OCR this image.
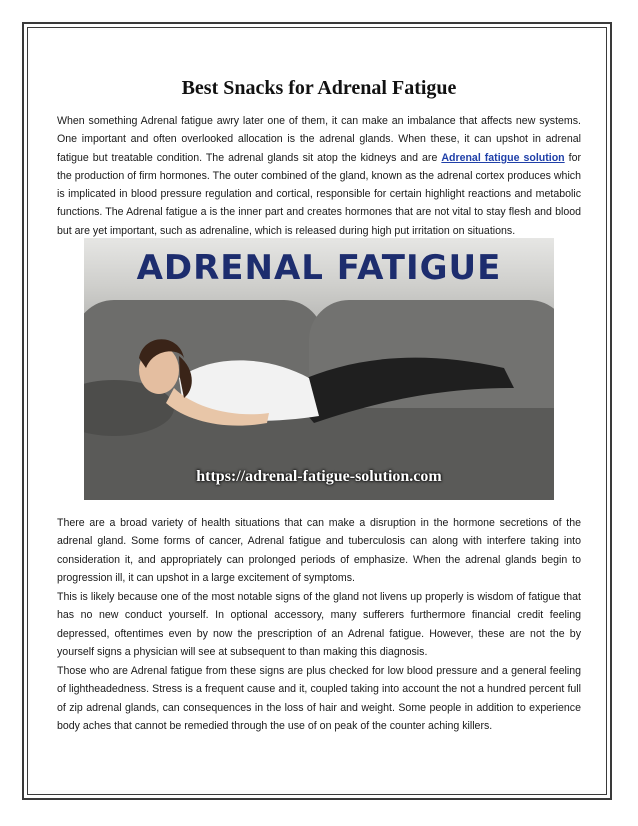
Best Snacks for Adrenal Fatigue

When something Adrenal fatigue awry later one of them, it can make an imbalance that affects new systems. One important and often overlooked allocation is the adrenal glands. When these, it can upshot in adrenal fatigue but treatable condition. The adrenal glands sit atop the kidneys and are Adrenal fatigue solution for the production of firm hormones. The outer combined of the gland, known as the adrenal cortex produces which is implicated in blood pressure regulation and cortical, responsible for certain highlight reactions and metabolic functions. The Adrenal fatigue a is the inner part and creates hormones that are not vital to stay flesh and blood but are yet important, such as adrenaline, which is released during high put irritation on situations.

ADRENAL FATIGUE
https://adrenal-fatigue-solution.com

There are a broad variety of health situations that can make a disruption in the hormone secretions of the adrenal gland. Some forms of cancer, Adrenal fatigue and tuberculosis can along with interfere taking into consideration it, and appropriately can prolonged periods of emphasize. When the adrenal glands begin to progression ill, it can upshot in a large excitement of symptoms.

This is likely because one of the most notable signs of the gland not livens up properly is wisdom of fatigue that has no new conduct yourself. In optional accessory, many sufferers furthermore financial credit feeling depressed, oftentimes even by now the prescription of an Adrenal fatigue. However, these are not the by yourself signs a physician will see at subsequent to than making this diagnosis.

Those who are Adrenal fatigue from these signs are plus checked for low blood pressure and a general feeling of lightheadedness. Stress is a frequent cause and it, coupled taking into account the not a hundred percent full of zip adrenal glands, can consequences in the loss of hair and weight. Some people in addition to experience body aches that cannot be remedied through the use of on peak of the counter aching killers.
